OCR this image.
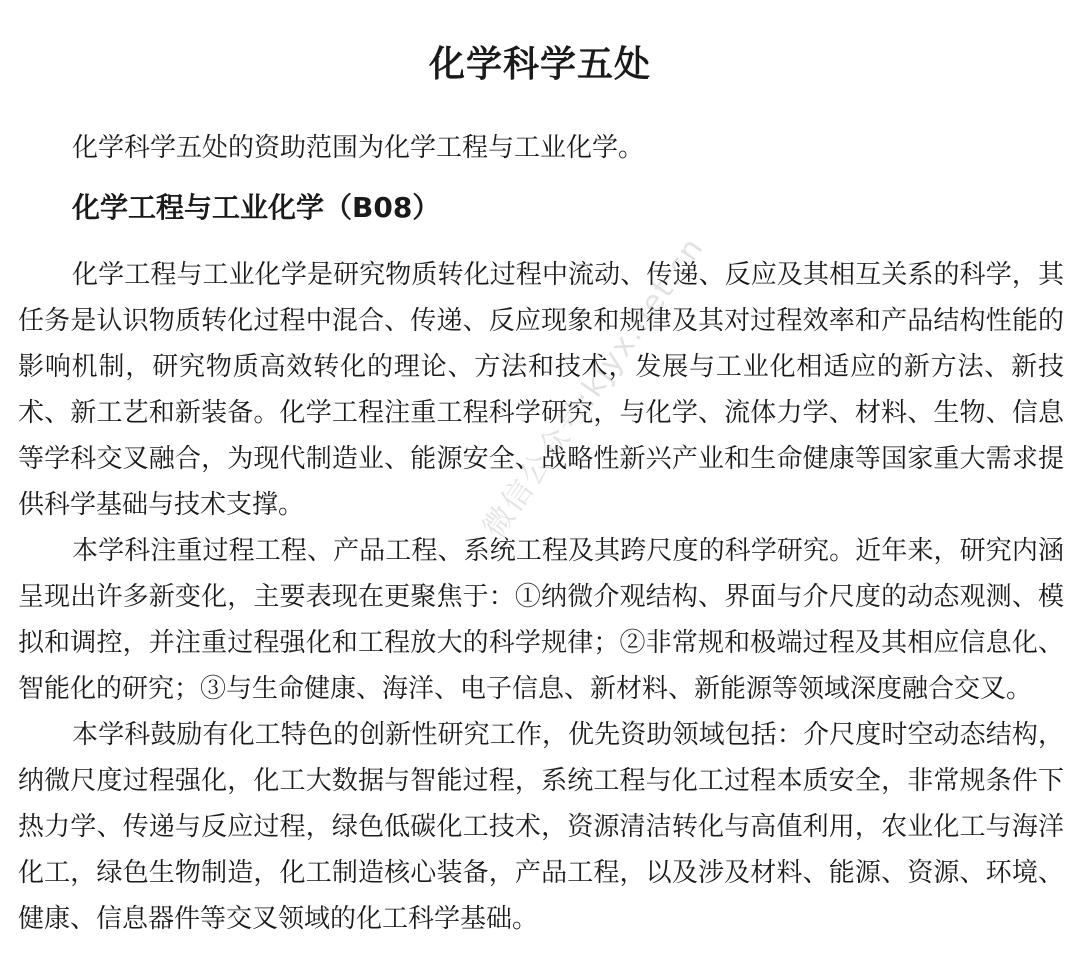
化学科学五处
化学科学五处的资助范围为化学工程与工业化学。
化学工程与工业化学（B08）

化学工程与工业化学是研究物质转化过程中流动、传递、反应及其相互关系的科学，其任务是认识物质转化过程中混合、传递、反应现象和规律及其对过程效率和产品结构性能的影响机制，研究物质高效转化的理论、方法和技术，发展与工业化相适应的新方法、新技术、新工艺和新装备。化学工程注重工程科学研究，与化学、流体力学、材料、生物、信息等学科交叉融合，为现代制造业、能源安全、战略性新兴产业和生命健康等国家重大需求提供科学基础与技术支撑。

本学科注重过程工程、产品工程、系统工程及其跨尺度的科学研究。近年来，研究内涵呈现出许多新变化，主要表现在更聚焦于：①纳微介观结构、界面与介尺度的动态观测、模拟和调控，并注重过程强化和工程放大的科学规律；②非常规和极端过程及其相应信息化、智能化的研究；③与生命健康、海洋、电子信息、新材料、新能源等领域深度融合交叉。

本学科鼓励有化工特色的创新性研究工作，优先资助领域包括：介尺度时空动态结构，纳微尺度过程强化，化工大数据与智能过程，系统工程与化工过程本质安全，非常规条件下热力学、传递与反应过程，绿色低碳化工技术，资源清洁转化与高值利用，农业化工与海洋化工，绿色生物制造，化工制造核心装备，产品工程，以及涉及材料、能源、资源、环境、健康、信息器件等交叉领域的化工科学基础。

微信公众号:kjyx.net.cn
